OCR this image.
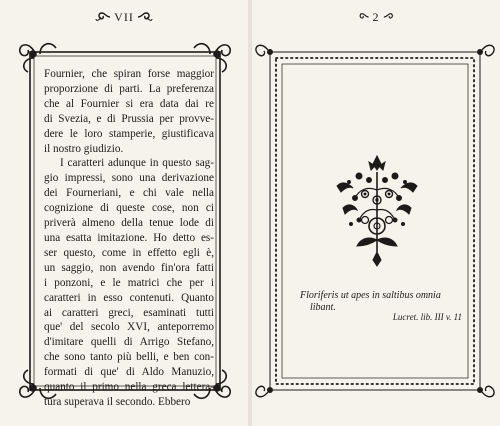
VII
Fournier, che spiran forse maggior
proporzione di parti. La preferenza
che al Fournier si era data dai re
di Svezia, e di Prussia per provve-
dere le loro stamperie, giustificava
il nostro giudizio.
I caratteri adunque in questo sag-
gio impressi, sono una derivazione
dei Fourneriani, e chi vale nella
cognizione di queste cose, non ci
priverà almeno della tenue lode di
una esatta imitazione. Ho detto es-
ser questo, come in effetto egli è,
un saggio, non avendo fin'ora fatti
i ponzoni, e le matrici che per i
caratteri in esso contenuti. Quanto
ai caratteri greci, esaminati tutti
que' del secolo XVI, anteporremo
d'imitare quelli di Arrigo Stefano,
che sono tanto più belli, e ben con-
formati di que' di Aldo Manuzio,
quanto il primo nella greca lettera-
tura superava il secondo. Ebbero
2
Floriferis ut apes in saltibus omnia
libant.
Lucret. lib. III v. 11
